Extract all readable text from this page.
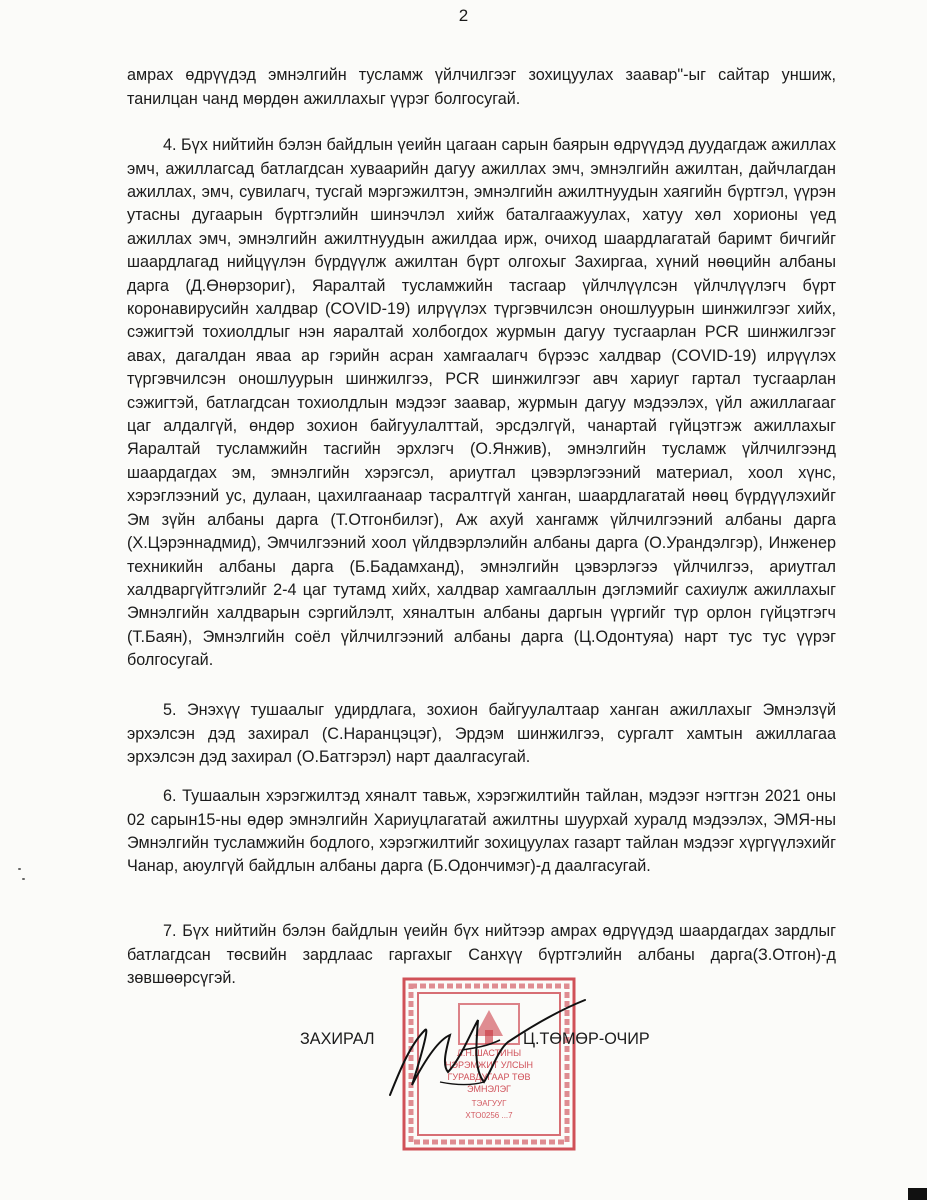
2

амрах өдрүүдэд эмнэлгийн тусламж үйлчилгээг зохицуулах заавар"-ыг сайтар уншиж, танилцан чанд мөрдөн ажиллахыг үүрэг болгосугай.

4. Бүх нийтийн бэлэн байдлын үеийн цагаан сарын баярын өдрүүдэд дуудагдаж ажиллах эмч, ажиллагсад батлагдсан хуваарийн дагуу ажиллах эмч, эмнэлгийн ажилтан, дайчлагдан ажиллах, эмч, сувилагч, тусгай мэргэжилтэн, эмнэлгийн ажилтнуудын хаягийн бүртгэл, үүрэн утасны дугаарын бүртгэлийн шинэчлэл хийж баталгаажуулах, хатуу хөл хорионы үед ажиллах эмч, эмнэлгийн ажилтнуудын ажилдаа ирж, очиход шаардлагатай баримт бичгийг шаардлагад нийцүүлэн бүрдүүлж ажилтан бүрт олгохыг Захиргаа, хүний нөөцийн албаны дарга (Д.Өнөрзориг), Яаралтай тусламжийн тасгаар үйлчлүүлсэн үйлчлүүлэгч бүрт коронавирусийн халдвар (COVID-19) илрүүлэх түргэвчилсэн оношлуурын шинжилгээг хийх, сэжигтэй тохиолдлыг нэн яаралтай холбогдох журмын дагуу тусгаарлан PCR шинжилгээг авах, дагалдан яваа ар гэрийн асран хамгаалагч бүрээс халдвар (COVID-19) илрүүлэх түргэвчилсэн оношлуурын шинжилгээ, PCR шинжилгээг авч хариуг гартал тусгаарлан сэжигтэй, батлагдсан тохиолдлын мэдээг заавар, журмын дагуу мэдээлэх, үйл ажиллагааг цаг алдалгүй, өндөр зохион байгуулалттай, эрсдэлгүй, чанартай гүйцэтгэж ажиллахыг Яаралтай тусламжийн тасгийн эрхлэгч (О.Янжив), эмнэлгийн тусламж үйлчилгээнд шаардагдах эм, эмнэлгийн хэрэгсэл, ариутгал цэвэрлэгээний материал, хоол хүнс, хэрэглээний ус, дулаан, цахилгаанаар тасралтгүй ханган, шаардлагатай нөөц бүрдүүлэхийг Эм зүйн албаны дарга (Т.Отгонбилэг), Аж ахуй хангамж үйлчилгээний албаны дарга (Х.Цэрэннадмид), Эмчилгээний хоол үйлдвэрлэлийн албаны дарга (О.Урандэлгэр), Инженер техникийн албаны дарга (Б.Бадамханд), эмнэлгийн цэвэрлэгээ үйлчилгээ, ариутгал халдваргүйтгэлийг 2-4 цаг тутамд хийх, халдвар хамгааллын дэглэмийг сахиулж ажиллахыг Эмнэлгийн халдварын сэргийлэлт, хяналтын албаны даргын үүргийг түр орлон гүйцэтгэгч (Т.Баян), Эмнэлгийн соёл үйлчилгээний албаны дарга (Ц.Одонтуяа) нарт тус тус үүрэг болгосугай.

5. Энэхүү тушаалыг удирдлага, зохион байгуулалтаар ханган ажиллахыг Эмнэлзүй эрхэлсэн дэд захирал (С.Наранцэцэг), Эрдэм шинжилгээ, сургалт хамтын ажиллагаа эрхэлсэн дэд захирал (О.Батгэрэл) нарт даалгасугай.

6. Тушаалын хэрэгжилтэд хяналт тавьж, хэрэгжилтийн тайлан, мэдээг нэгтгэн 2021 оны 02 сарын15-ны өдөр эмнэлгийн Хариуцлагатай ажилтны шуурхай хуралд мэдээлэх, ЭМЯ-ны Эмнэлгийн тусламжийн бодлого, хэрэгжилтийг зохицуулах газарт тайлан мэдээг хүргүүлэхийг Чанар, аюулгүй байдлын албаны дарга (Б.Одончимэг)-д даалгасугай.

7. Бүх нийтийн бэлэн байдлын үеийн бүх нийтээр амрах өдрүүдэд шаардагдах зардлыг батлагдсан төсвийн зардлаас гаргахыг Санхүү бүртгэлийн албаны дарга(З.Отгон)-д зөвшөөрсүгэй.

Л.Н.ШАСТИНЫ
НЭРЭМЖИТ УЛСЫН
ГУРАВДУГААР ТӨВ
ЭМНЭЛЭГ
ТЭАГУУГ
ХТО0256 ...7
ЗАХИРАЛ	Ц.ТӨМӨР-ОЧИР
